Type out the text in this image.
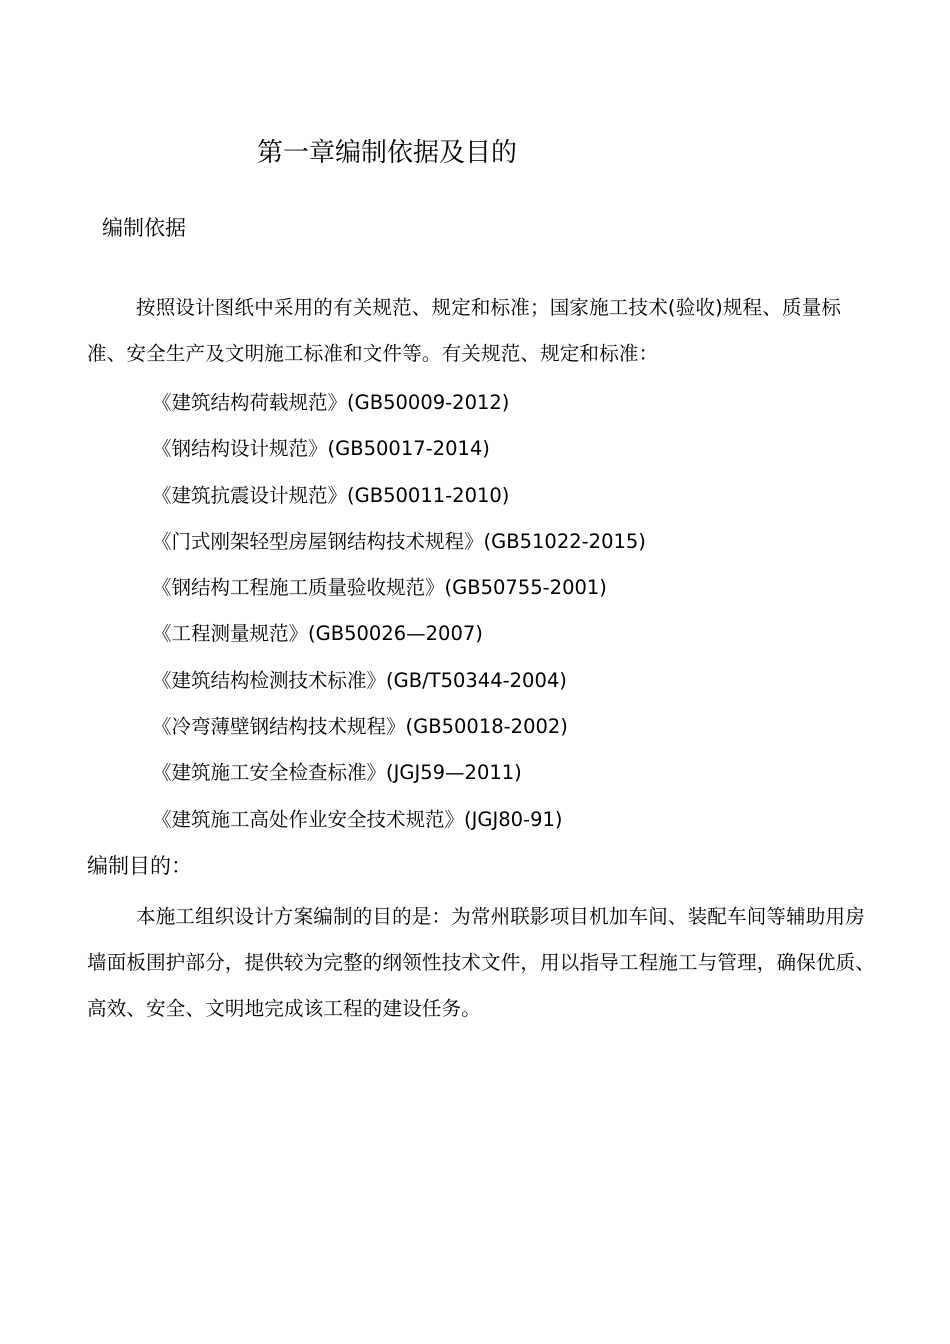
第一章编制依据及目的
编制依据

按照设计图纸中采用的有关规范、规定和标准；国家施工技术(验收)规程、质量标准、安全生产及文明施工标准和文件等。有关规范、规定和标准：

《建筑结构荷载规范》(GB50009-2012)
《钢结构设计规范》(GB50017-2014)
《建筑抗震设计规范》(GB50011-2010)
《门式刚架轻型房屋钢结构技术规程》(GB51022-2015)
《钢结构工程施工质量验收规范》(GB50755-2001)
《工程测量规范》(GB50026—2007)
《建筑结构检测技术标准》(GB/T50344-2004)
《冷弯薄壁钢结构技术规程》(GB50018-2002)
《建筑施工安全检查标准》(JGJ59—2011)
《建筑施工高处作业安全技术规范》(JGJ80-91)
编制目的：

本施工组织设计方案编制的目的是：为常州联影项目机加车间、装配车间等辅助用房墙面板围护部分，提供较为完整的纲领性技术文件，用以指导工程施工与管理，确保优质、高效、安全、文明地完成该工程的建设任务。
